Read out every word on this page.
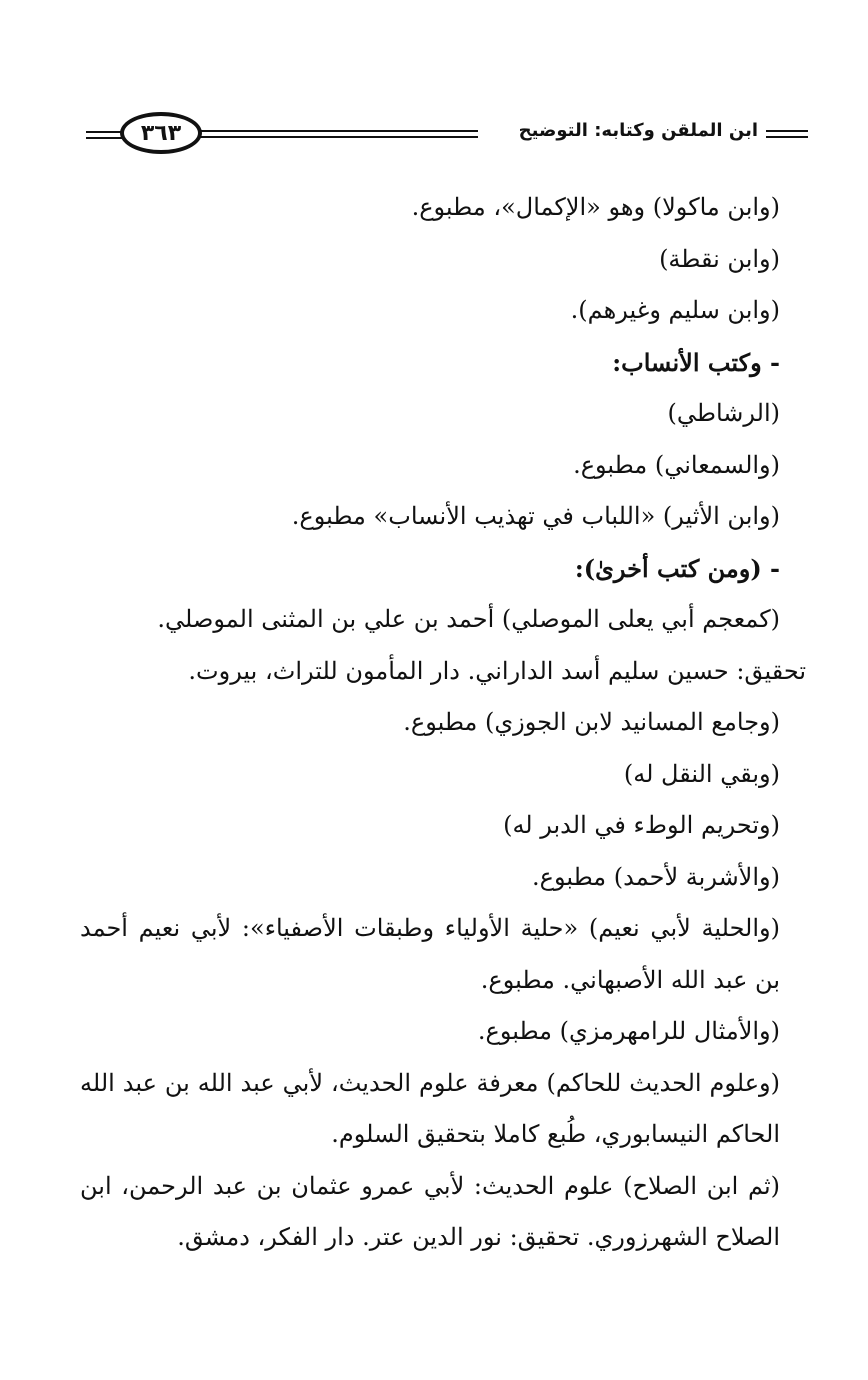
ابن الملقن وكتابه: التوضيح
٣٦٣

(وابن ماكولا) وهو «الإكمال»، مطبوع.

(وابن نقطة)

(وابن سليم وغيرهم).

- وكتب الأنساب:

(الرشاطي)

(والسمعاني) مطبوع.

(وابن الأثير) «اللباب في تهذيب الأنساب» مطبوع.

- (ومن كتب أخرىٰ):

(كمعجم أبي يعلى الموصلي) أحمد بن علي بن المثنى الموصلي.

تحقيق: حسين سليم أسد الداراني. دار المأمون للتراث، بيروت.

(وجامع المسانيد لابن الجوزي) مطبوع.

(وبقي النقل له)

(وتحريم الوطء في الدبر له)

(والأشربة لأحمد) مطبوع.

(والحلية لأبي نعيم) «حلية الأولياء وطبقات الأصفياء»: لأبي نعيم أحمد بن عبد الله الأصبهاني. مطبوع.

(والأمثال للرامهرمزي) مطبوع.

(وعلوم الحديث للحاكم) معرفة علوم الحديث، لأبي عبد الله بن عبد الله الحاكم النيسابوري، طُبع كاملا بتحقيق السلوم.

(ثم ابن الصلاح) علوم الحديث: لأبي عمرو عثمان بن عبد الرحمن، ابن الصلاح الشهرزوري. تحقيق: نور الدين عتر. دار الفكر، دمشق.
